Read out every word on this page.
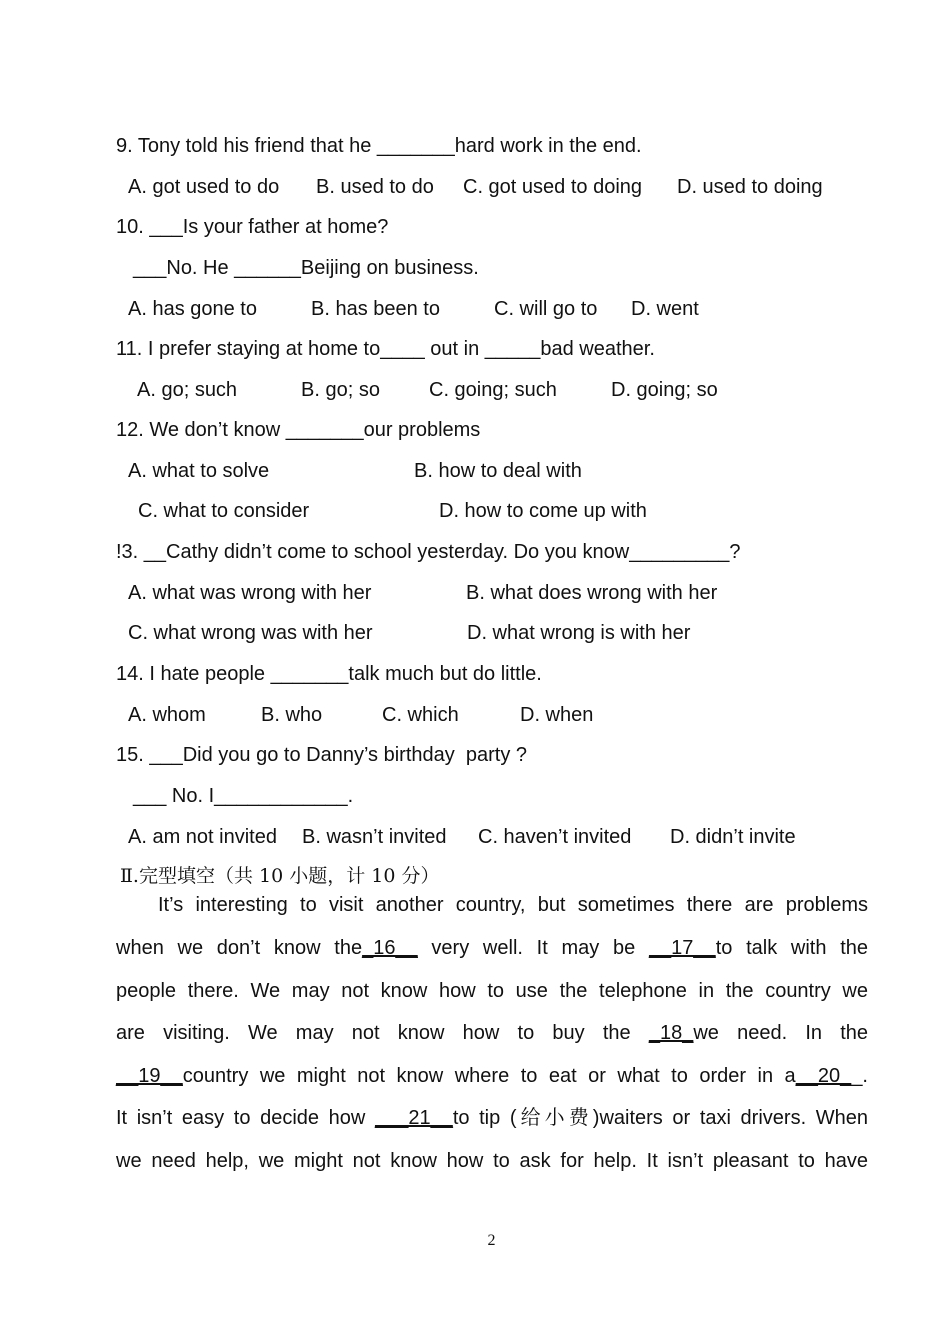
9. Tony told his friend that he _______hard work in the end.
A. got used to do B. used to do C. got used to doing D. used to doing
10. ___Is your father at home?
___No. He ______Beijing on business.
A. has gone to	B. has been to	C. will go to D. went
11. I prefer staying at home to____ out in _____bad weather.
A. go; such	B. go; so C. going; such	D. going; so
12. We don’t know _______our problems
A. what to solve	B. how to deal with
C. what to consider	D. how to come up with
!3. __Cathy didn’t come to school yesterday. Do you know_________?
A. what was wrong with her	B. what does wrong with her
C. what wrong was with her	D. what wrong is with her
14. I hate people _______talk much but do little.
A. whom	B. who	C. which	D. when
15. ___Did you go to Danny’s birthday  party ?
___ No. I____________.
A. am not invited B. wasn’t invited C. haven’t invited D. didn’t invite
Ⅱ.完型填空（共 10 小题，计 10 分）
It’s interesting to visit another country, but sometimes there are problems
when we don’t know the_16__ very well. It may be __17__to talk with the
people there. We may not know how to use the telephone in the country we
are visiting. We may not know how to buy the _18_we need. In the
__19__country we might not know where to eat or what to order in a__20__.
It isn’t easy to decide how ___21__to tip (给小费)waiters or taxi drivers. When
we need help, we might not know how to ask for help. It isn’t pleasant to have
2
